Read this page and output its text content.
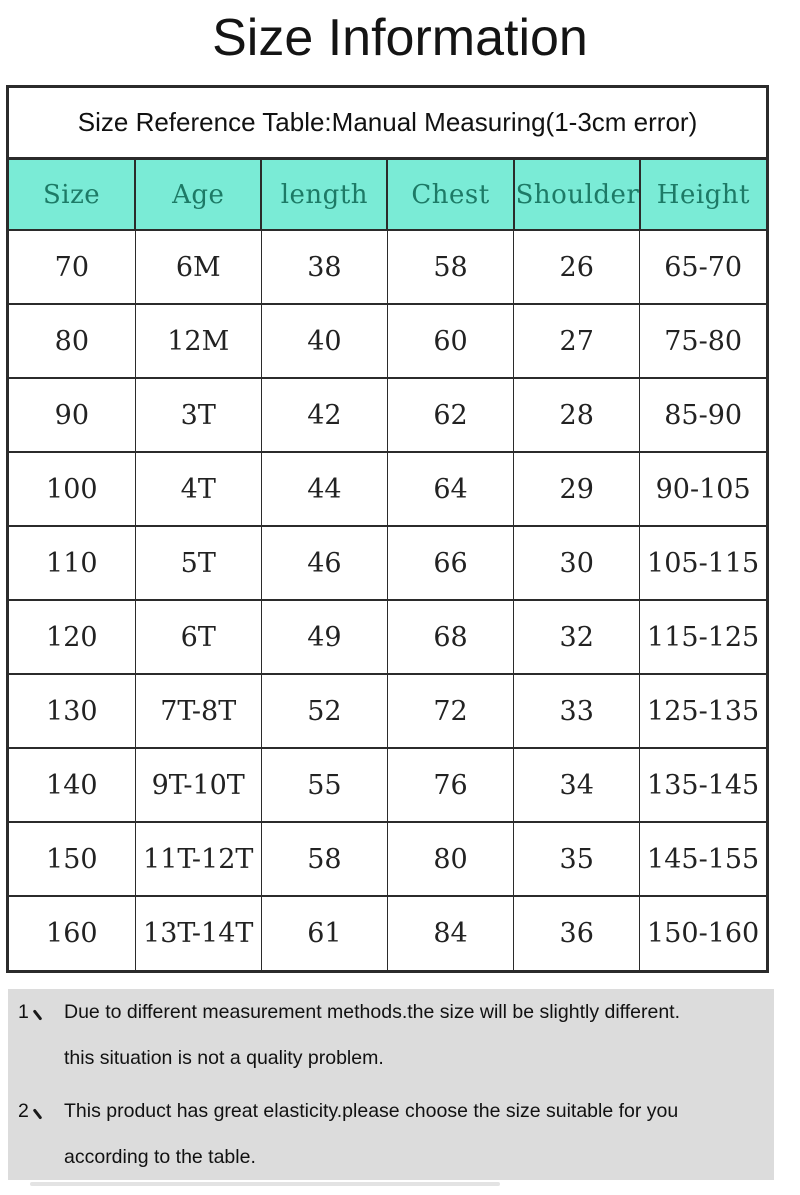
Size Information
Size Reference Table:Manual Measuring(1-3cm error)
Size	Age	length	Chest	Shoulder	Height
70	6M	38	58	26	65-70
80	12M	40	60	27	75-80
90	3T	42	62	28	85-90
100	4T	44	64	29	90-105
110	5T	46	66	30	105-115
120	6T	49	68	32	115-125
130	7T-8T	52	72	33	125-135
140	9T-10T	55	76	34	135-145
150	11T-12T	58	80	35	145-155
160	13T-14T	61	84	36	150-160
1 Due to different measurement methods.the size will be slightly different.
this situation is not a quality problem.
2 This product has great elasticity.please choose the size suitable for you
according to the table.
